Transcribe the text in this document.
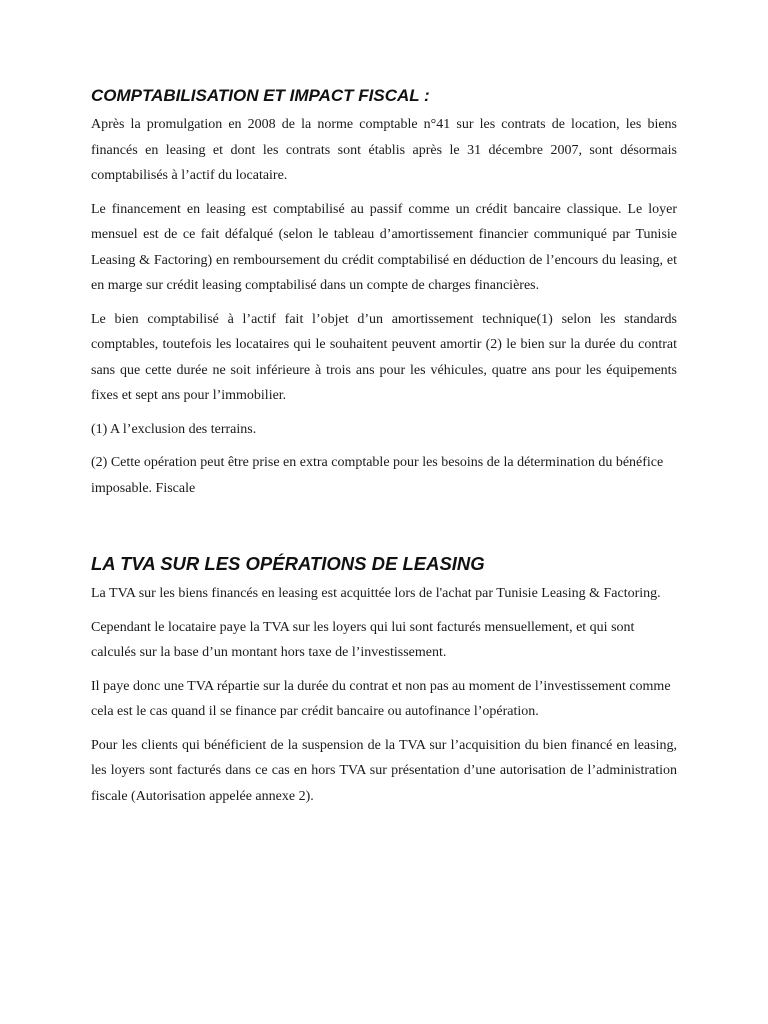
COMPTABILISATION ET IMPACT FISCAL :

Après la promulgation en 2008 de la norme comptable n°41 sur les contrats de location, les biens financés en leasing et dont les contrats sont établis après le 31 décembre 2007, sont désormais comptabilisés à l’actif du locataire.

Le financement en leasing est comptabilisé au passif comme un crédit bancaire classique. Le loyer mensuel est de ce fait défalqué (selon le tableau d’amortissement financier communiqué par Tunisie Leasing & Factoring) en remboursement du crédit comptabilisé en déduction de l’encours du leasing, et en marge sur crédit leasing comptabilisé dans un compte de charges financières.

Le bien comptabilisé à l’actif fait l’objet d’un amortissement technique(1) selon les standards comptables, toutefois les locataires qui le souhaitent peuvent amortir (2) le bien sur la durée du contrat sans que cette durée ne soit inférieure à trois ans pour les véhicules, quatre ans pour les équipements fixes et sept ans pour l’immobilier.

(1) A l’exclusion des terrains.

(2) Cette opération peut être prise en extra comptable pour les besoins de la détermination du bénéfice imposable. Fiscale

LA TVA SUR LES OPÉRATIONS DE LEASING

La TVA sur les biens financés en leasing est acquittée lors de l'achat par Tunisie Leasing & Factoring.

Cependant le locataire paye la TVA sur les loyers qui lui sont facturés mensuellement, et qui sont calculés sur la base d’un montant hors taxe de l’investissement.

Il paye donc une TVA répartie sur la durée du contrat et non pas au moment de l’investissement comme cela est le cas quand il se finance par crédit bancaire ou autofinance l’opération.

Pour les clients qui bénéficient de la suspension de la TVA sur l’acquisition du bien financé en leasing, les loyers sont facturés dans ce cas en hors TVA sur présentation d’une autorisation de l’administration fiscale (Autorisation appelée annexe 2).
